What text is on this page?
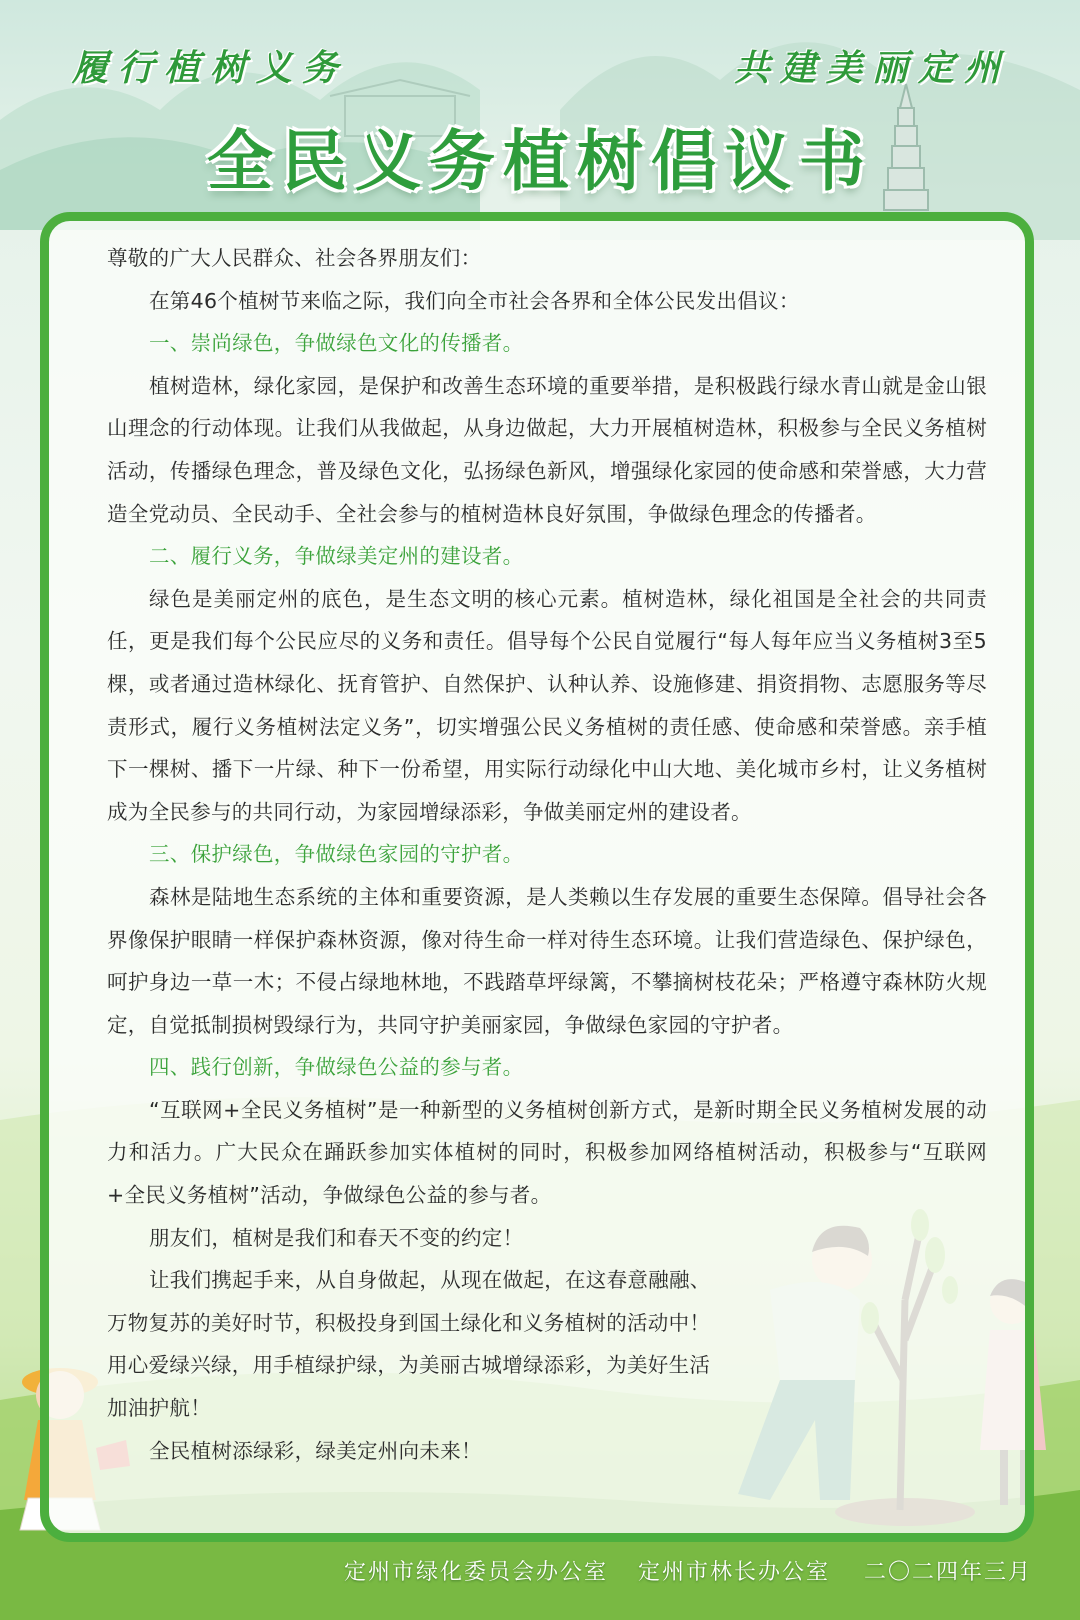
履行植树义务	共建美丽定州
全民义务植树倡议书

尊敬的广大人民群众、社会各界朋友们：

在第46个植树节来临之际，我们向全市社会各界和全体公民发出倡议：

一、崇尚绿色，争做绿色文化的传播者。

植树造林，绿化家园，是保护和改善生态环境的重要举措，是积极践行绿水青山就是金山银山理念的行动体现。让我们从我做起，从身边做起，大力开展植树造林，积极参与全民义务植树活动，传播绿色理念，普及绿色文化，弘扬绿色新风，增强绿化家园的使命感和荣誉感，大力营造全党动员、全民动手、全社会参与的植树造林良好氛围，争做绿色理念的传播者。

二、履行义务，争做绿美定州的建设者。

绿色是美丽定州的底色，是生态文明的核心元素。植树造林，绿化祖国是全社会的共同责任，更是我们每个公民应尽的义务和责任。倡导每个公民自觉履行“每人每年应当义务植树3至5棵，或者通过造林绿化、抚育管护、自然保护、认种认养、设施修建、捐资捐物、志愿服务等尽责形式，履行义务植树法定义务”，切实增强公民义务植树的责任感、使命感和荣誉感。亲手植下一棵树、播下一片绿、种下一份希望，用实际行动绿化中山大地、美化城市乡村，让义务植树成为全民参与的共同行动，为家园增绿添彩，争做美丽定州的建设者。

三、保护绿色，争做绿色家园的守护者。

森林是陆地生态系统的主体和重要资源，是人类赖以生存发展的重要生态保障。倡导社会各界像保护眼睛一样保护森林资源，像对待生命一样对待生态环境。让我们营造绿色、保护绿色，呵护身边一草一木；不侵占绿地林地，不践踏草坪绿篱，不攀摘树枝花朵；严格遵守森林防火规定，自觉抵制损树毁绿行为，共同守护美丽家园，争做绿色家园的守护者。

四、践行创新，争做绿色公益的参与者。

“互联网+全民义务植树”是一种新型的义务植树创新方式，是新时期全民义务植树发展的动力和活力。广大民众在踊跃参加实体植树的同时，积极参加网络植树活动，积极参与“互联网+全民义务植树”活动，争做绿色公益的参与者。

朋友们，植树是我们和春天不变的约定！

让我们携起手来，从自身做起，从现在做起，在这春意融融、

万物复苏的美好时节，积极投身到国土绿化和义务植树的活动中！

用心爱绿兴绿，用手植绿护绿，为美丽古城增绿添彩，为美好生活

加油护航！

全民植树添绿彩，绿美定州向未来！

定州市绿化委员会办公室 定州市林长办公室 二〇二四年三月
